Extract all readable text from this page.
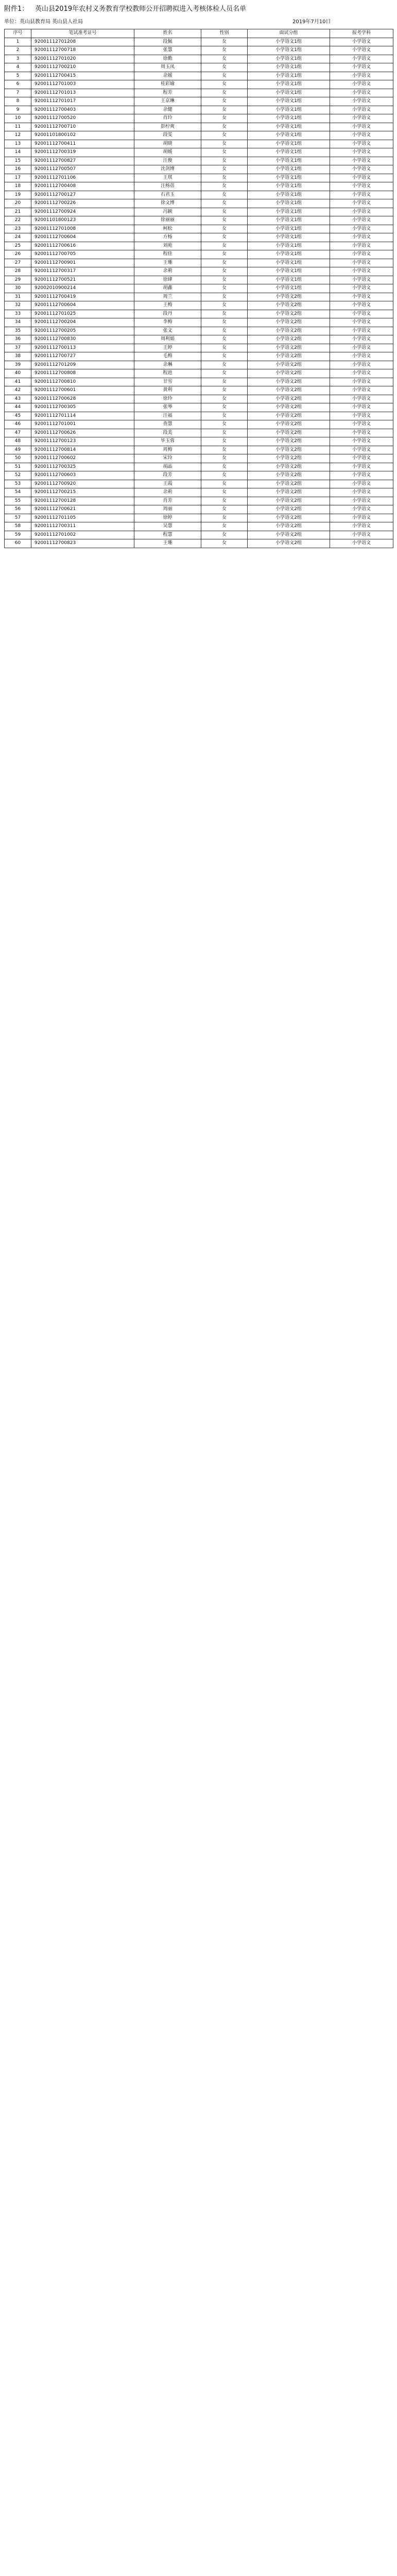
附件1： 英山县2019年农村义务教育学校教师公开招聘拟进入考核体检人员名单
单位：英山县教育局 英山县人社局	2019年7月10日
序号	笔试准考证号	姓名	性别	面试分组	报考学科
1	92001112701208	段佩	女	小学语文1组	小学语文
2	92001112700718	张慧	女	小学语文1组	小学语文
3	92001112701020	徐勤	女	小学语文1组	小学语文
4	92001112700210	周玉凤	女	小学语文1组	小学语文
5	92001112700415	余媛	女	小学语文1组	小学语文
6	92001112701003	桂彩瑜	女	小学语文1组	小学语文
7	92001112701013	程芳	女	小学语文1组	小学语文
8	92001112701017	王京琳	女	小学语文1组	小学语文
9	92001112700403	余健	女	小学语文1组	小学语文
10	92001112700520	肖玲	女	小学语文1组	小学语文
11	92001112700710	彭柠爽	女	小学语文1组	小学语文
12	92001101800102	段雯	女	小学语文1组	小学语文
13	92001112700411	胡晓	女	小学语文1组	小学语文
14	92001112700319	胡媛	女	小学语文1组	小学语文
15	92001112700827	汪俊	女	小学语文1组	小学语文
16	92001112700507	沈剑博	女	小学语文1组	小学语文
17	92001112701106	王琪	女	小学语文1组	小学语文
18	92001112700408	汪杨蓓	女	小学语文1组	小学语文
19	92001112700127	石君玉	女	小学语文1组	小学语文
20	92001112700226	徐文博	女	小学语文1组	小学语文
21	92001112700924	冯颖	女	小学语文1组	小学语文
22	92001101800123	徐丽丽	女	小学语文1组	小学语文
23	92001112701008	柯松	女	小学语文1组	小学语文
24	92001112700604	方杨	女	小学语文1组	小学语文
25	92001112700616	刘苑	女	小学语文1组	小学语文
26	92001112700705	程佳	女	小学语文1组	小学语文
27	92001112700901	王珊	女	小学语文1组	小学语文
28	92001112700317	余莉	女	小学语文1组	小学语文
29	92001112700521	徐肆	女	小学语文1组	小学语文
30	92002010900214	胡鑫	女	小学语文1组	小学语文
31	92001112700419	周兰	女	小学语文2组	小学语文
32	92001112700604	王梅	女	小学语文2组	小学语文
33	92001112701025	段丹	女	小学语文2组	小学语文
34	92001112700204	李梅	女	小学语文2组	小学语文
35	92001112700205	张文	女	小学语文2组	小学语文
36	92001112700830	周利娟	女	小学语文2组	小学语文
37	92001112700113	王婷	女	小学语文2组	小学语文
38	92001112700727	毛梅	女	小学语文2组	小学语文
39	92001112701209	余琳	女	小学语文2组	小学语文
40	92001112700808	程进	女	小学语文2组	小学语文
41	92001112700810	甘雪	女	小学语文2组	小学语文
42	92001112700601	黄利	女	小学语文2组	小学语文
43	92001112700628	徐玲	女	小学语文2组	小学语文
44	92001112700305	张琴	女	小学语文2组	小学语文
45	92001112701114	汪福	女	小学语文2组	小学语文
46	92001112701001	查慧	女	小学语文2组	小学语文
47	92001112700626	段美	女	小学语文2组	小学语文
48	92001112700123	毕玉蓉	女	小学语文2组	小学语文
49	92001112700814	周梅	女	小学语文2组	小学语文
50	92001112700602	宋玲	女	小学语文2组	小学语文
51	92001112700325	胡晶	女	小学语文2组	小学语文
52	92001112700603	段芳	女	小学语文2组	小学语文
53	92001112700920	王霞	女	小学语文2组	小学语文
54	92001112700215	余莉	女	小学语文2组	小学语文
55	92001112700128	肖芳	女	小学语文2组	小学语文
56	92001112700621	周丽	女	小学语文2组	小学语文
57	92001112701105	徐婷	女	小学语文2组	小学语文
58	92001112700311	吴慧	女	小学语文2组	小学语文
59	92001112701002	程慧	女	小学语文2组	小学语文
60	92001112700823	王珊	女	小学语文2组	小学语文
